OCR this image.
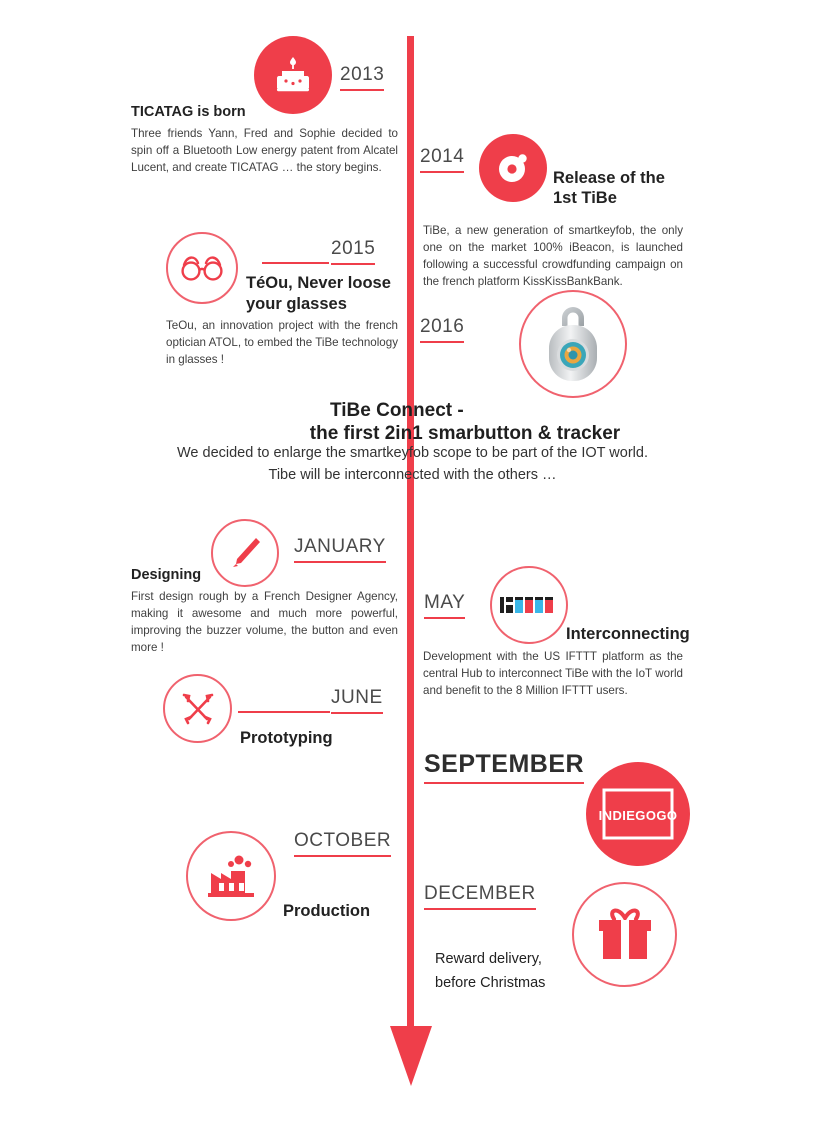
2013
TICATAG is born
Three friends Yann, Fred and Sophie decided to spin off a Bluetooth Low energy patent from Alcatel Lucent, and create TICATAG … the story begins.
2014
Release of the
1st TiBe
TiBe, a new generation of smartkeyfob, the only one on the market 100% iBeacon, is launched following a successful crowdfunding campaign on the french platform KissKissBankBank.
2015
TéOu, Never loose
your glasses
TeOu, an innovation project with the french optician ATOL, to embed the TiBe technology in glasses !
2016
TiBe Connect -
the first 2in1 smarbutton & tracker
We decided to enlarge the smartkeyfob scope to be part of the IOT world. Tibe will be interconnected with the others …
JANUARY
Designing
First design rough by a French Designer Agency, making it awesome and much more powerful, improving the buzzer volume, the button and even more !
MAY
Interconnecting
Development with the US IFTTT platform as the central Hub to interconnect TiBe with the IoT world and benefit to the 8 Million IFTTT users.
JUNE
Prototyping
INDIEGOGO
SEPTEMBER
OCTOBER
Production
DECEMBER
Reward delivery,
before Christmas
